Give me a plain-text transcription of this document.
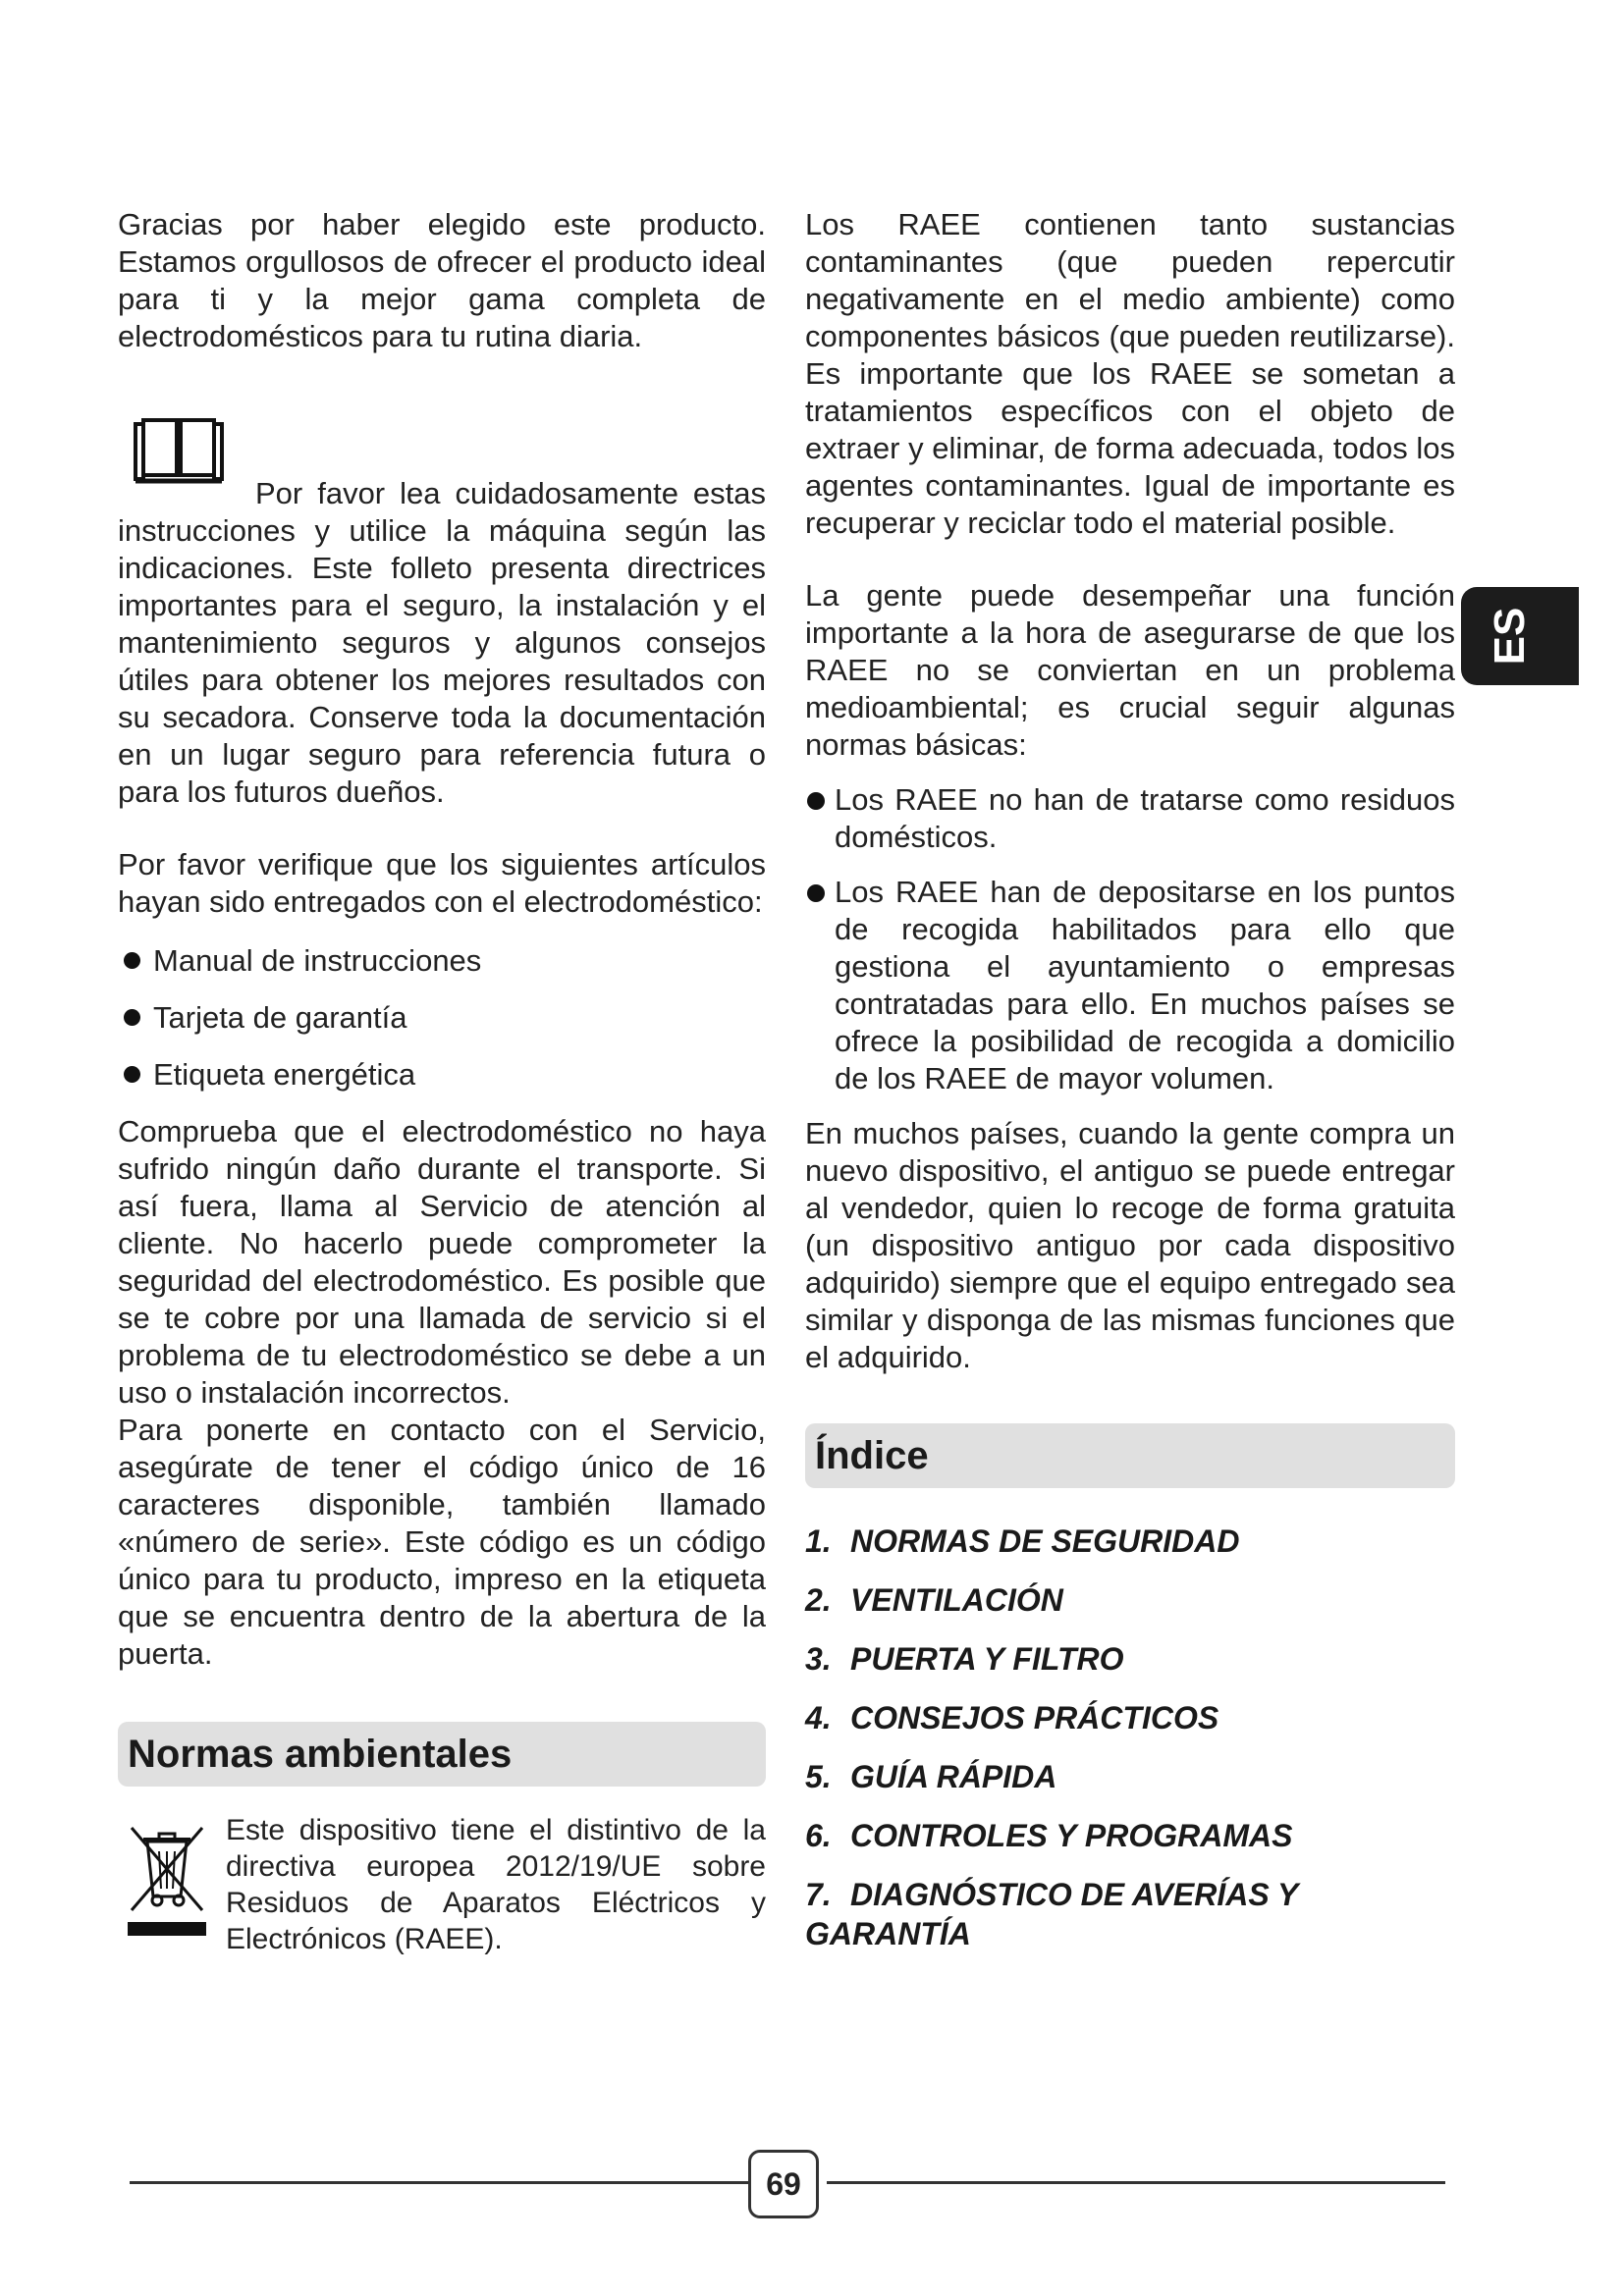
Gracias por haber elegido este producto. Estamos orgullosos de ofrecer el producto ideal para ti y la mejor gama completa de electrodomésticos para tu rutina diaria.

Por favor lea cuidadosamente estas instrucciones y utilice la máquina según las indicaciones. Este folleto presenta directrices importantes para el seguro, la instalación y el mantenimiento seguros y algunos consejos útiles para obtener los mejores resultados con su secadora. Conserve toda la documentación en un lugar seguro para referencia futura o para los futuros dueños.

Por favor verifique que los siguientes artículos hayan sido entregados con el electrodoméstico:

Manual de instrucciones
Tarjeta de garantía
Etiqueta energética

Comprueba que el electrodoméstico no haya sufrido ningún daño durante el transporte. Si así fuera, llama al Servicio de atención al cliente. No hacerlo puede comprometer la seguridad del electrodoméstico. Es posible que se te cobre por una llamada de servicio si el problema de tu electrodoméstico se debe a un uso o instalación incorrectos.

Para ponerte en contacto con el Servicio, asegúrate de tener el código único de 16 caracteres disponible, también llamado «número de serie». Este código es un código único para tu producto, impreso en la etiqueta que se encuentra dentro de la abertura de la puerta.

Normas ambientales

Este dispositivo tiene el distintivo de la directiva europea 2012/19/UE sobre Residuos de Aparatos Eléctricos y Electrónicos (RAEE).

Los RAEE contienen tanto sustancias contaminantes (que pueden repercutir negativamente en el medio ambiente) como componentes básicos (que pueden reutilizarse). Es importante que los RAEE se sometan a tratamientos específicos con el objeto de extraer y eliminar, de forma adecuada, todos los agentes contaminantes. Igual de importante es recuperar y reciclar todo el material posible.

La gente puede desempeñar una función importante a la hora de asegurarse de que los RAEE no se conviertan en un problema medioambiental; es crucial seguir algunas normas básicas:

Los RAEE no han de tratarse como residuos domésticos.
Los RAEE han de depositarse en los puntos de recogida habilitados para ello que gestiona el ayuntamiento o empresas contratadas para ello. En muchos países se ofrece la posibilidad de recogida a domicilio de los RAEE de mayor volumen.

En muchos países, cuando la gente compra un nuevo dispositivo, el antiguo se puede entregar al vendedor, quien lo recoge de forma gratuita (un dispositivo antiguo por cada dispositivo adquirido) siempre que el equipo entregado sea similar y disponga de las mismas funciones que el adquirido.

Índice
1. NORMAS DE SEGURIDAD
2. VENTILACIÓN
3. PUERTA Y FILTRO
4. CONSEJOS PRÁCTICOS
5. GUÍA RÁPIDA
6. CONTROLES Y PROGRAMAS
7. DIAGNÓSTICO DE AVERÍAS Y GARANTÍA
ES
69
